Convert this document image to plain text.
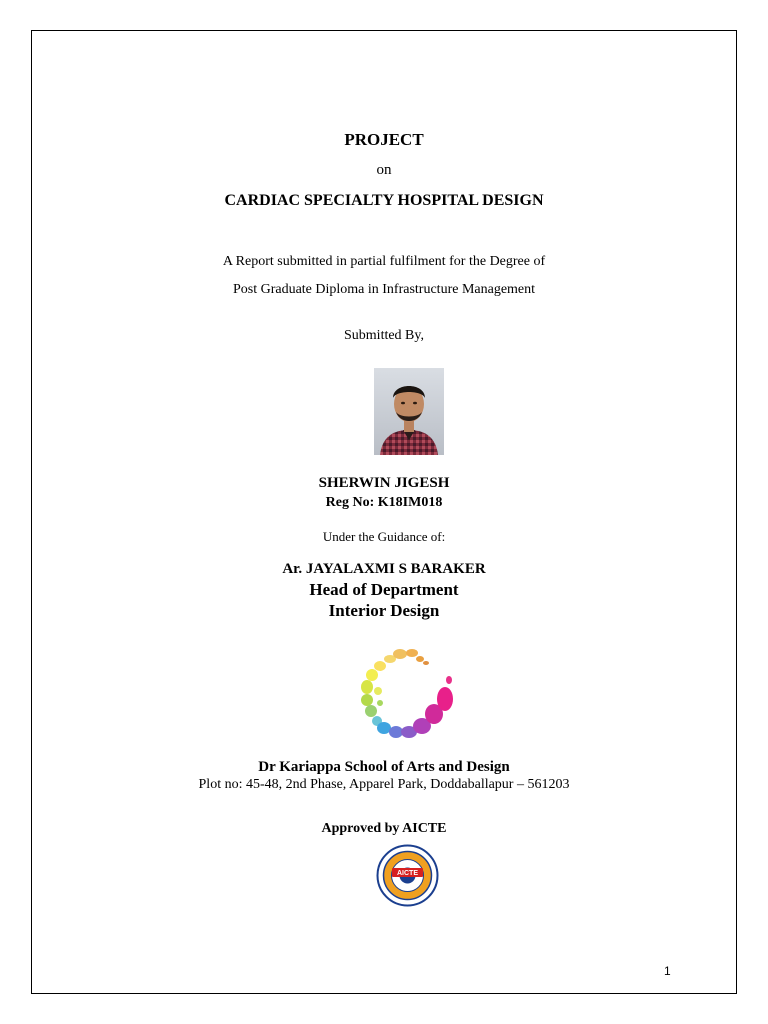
PROJECT
on
CARDIAC SPECIALTY HOSPITAL DESIGN
A Report submitted in partial fulfilment for the Degree of
Post Graduate Diploma in Infrastructure Management
Submitted By,
SHERWIN JIGESH
Reg No: K18IM018
Under the Guidance of:
Ar. JAYALAXMI S BARAKER
Head of Department
Interior Design
Dr Kariappa School of Arts and Design
Plot no: 45-48, 2nd Phase, Apparel Park, Doddaballapur – 561203
Approved by AICTE
AICTE
1
